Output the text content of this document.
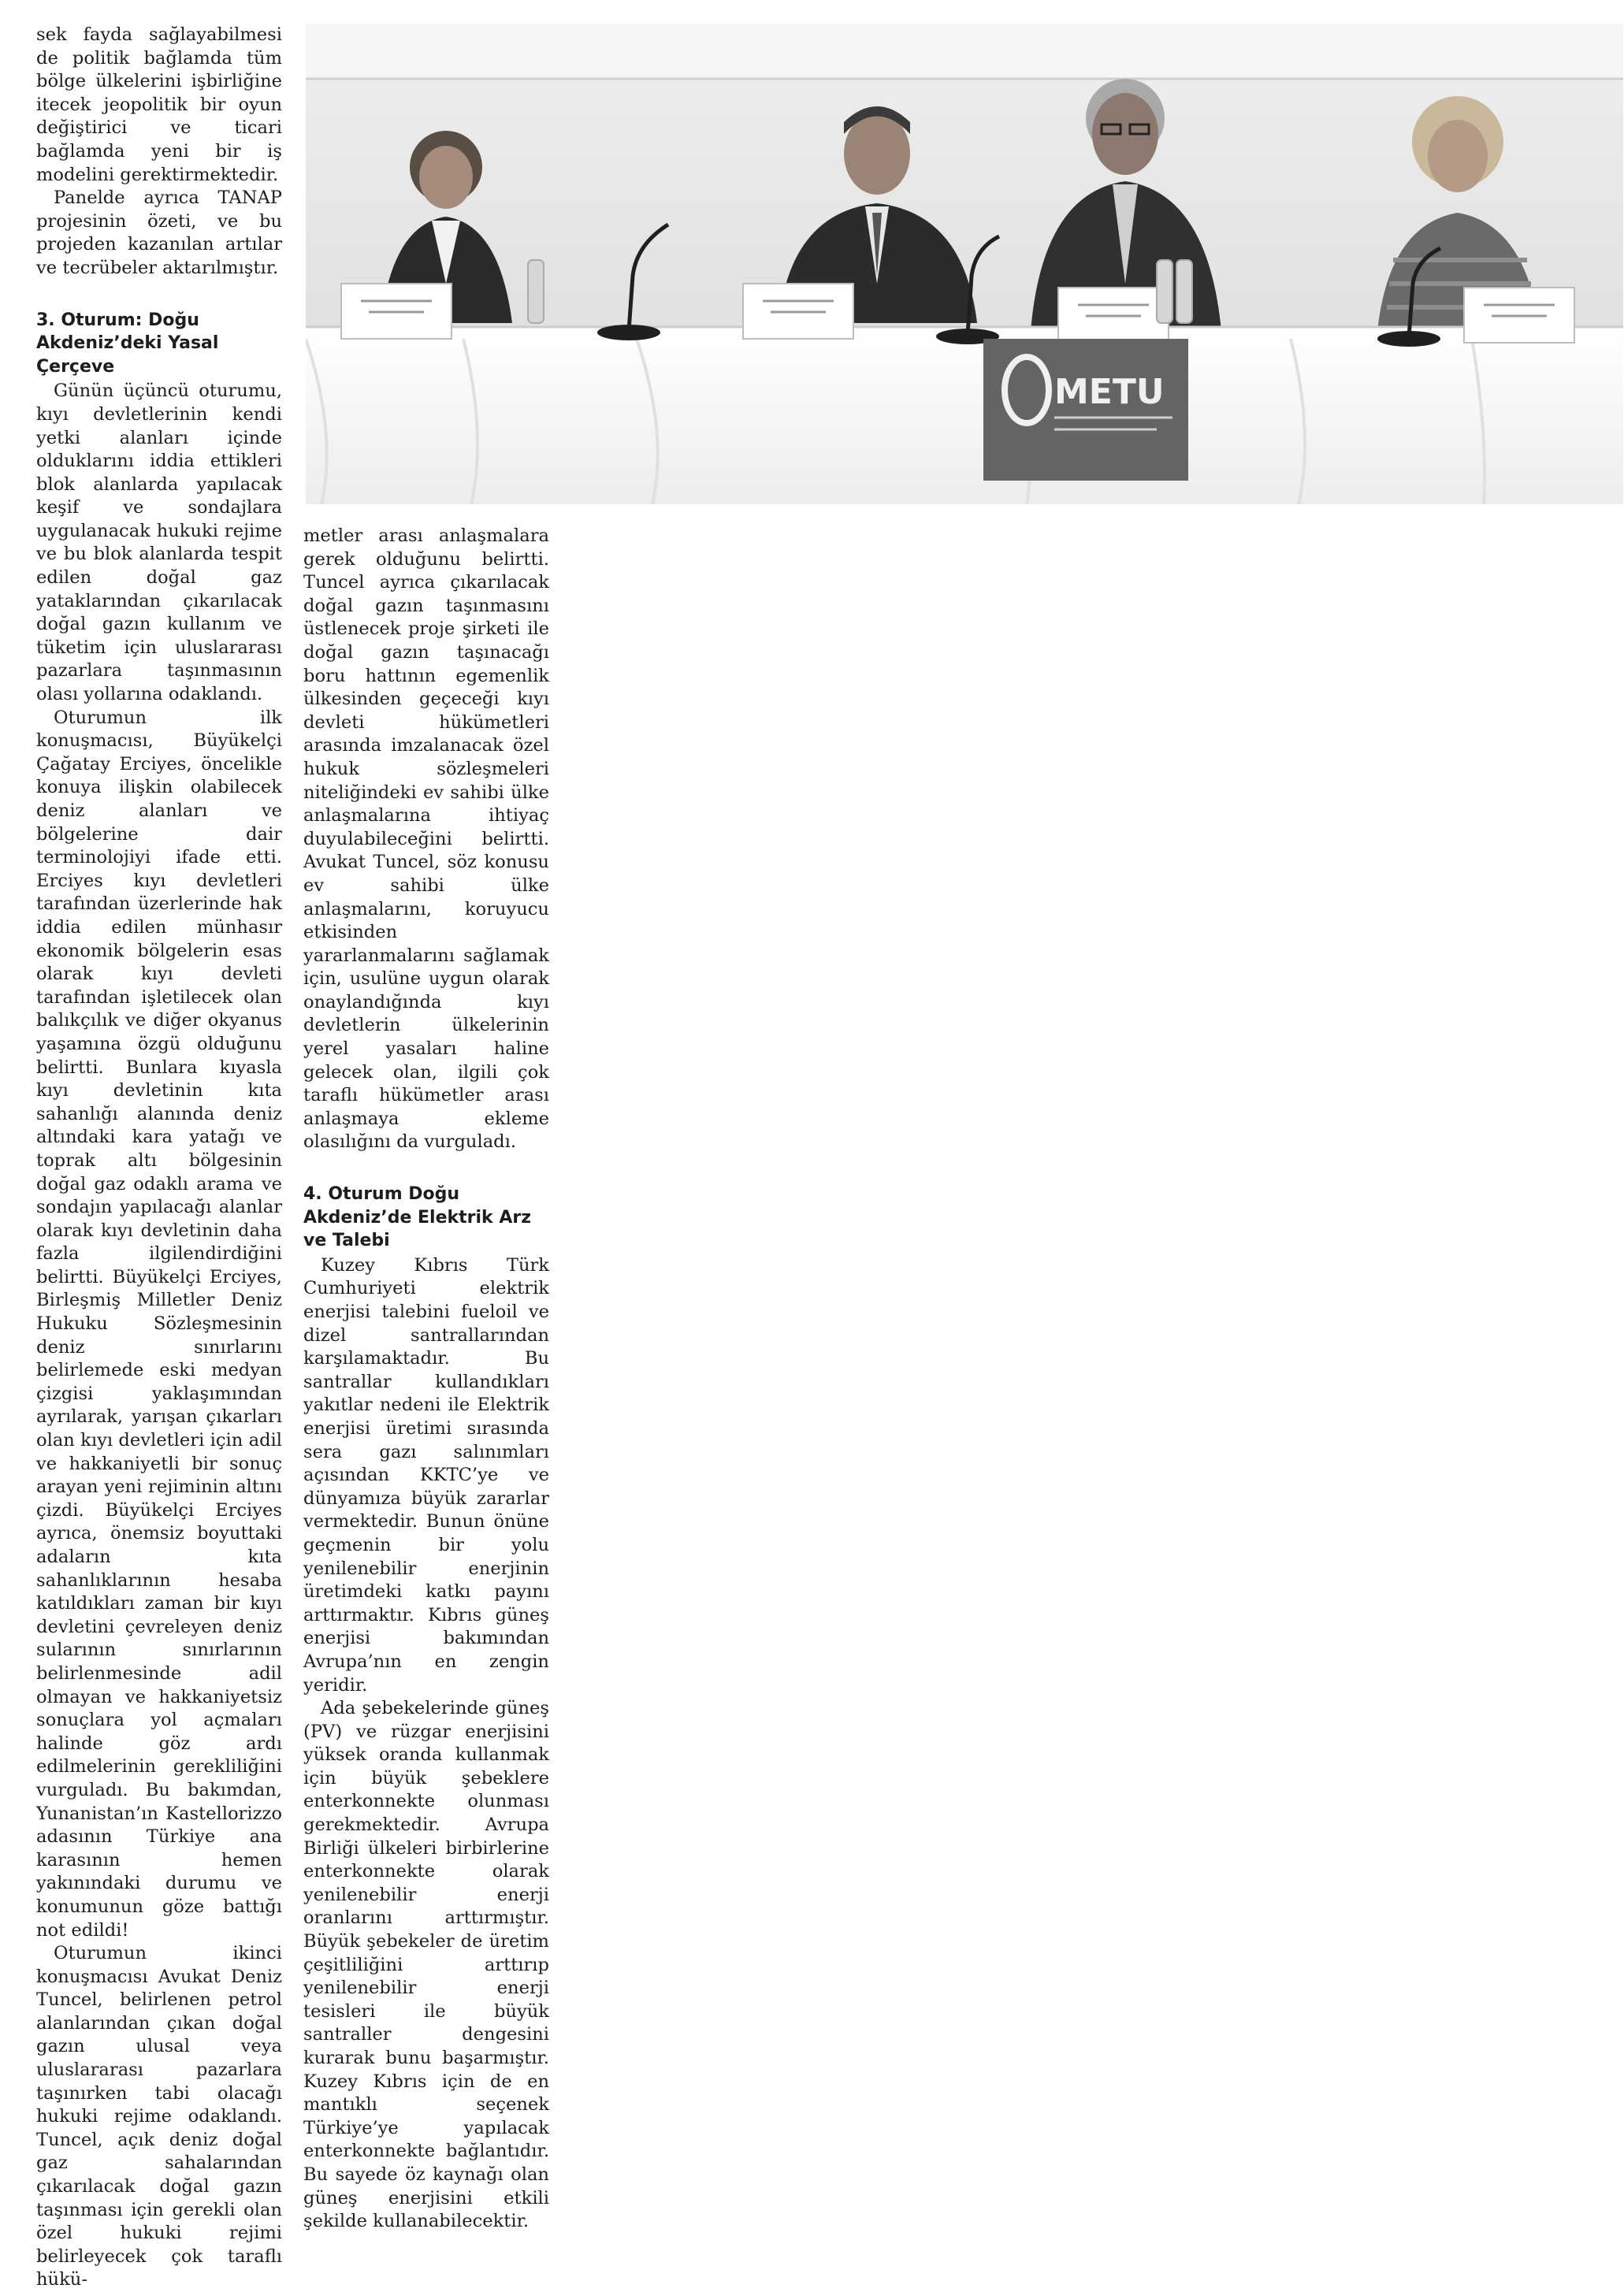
sek fayda sağlayabilmesi de politik bağlamda tüm bölge ülkelerini işbirliğine itecek jeopolitik bir oyun değiştirici ve ticari bağlamda yeni bir iş modelini gerektirmektedir.

Panelde ayrıca TANAP projesinin özeti, ve bu projeden kazanılan artılar ve tecrübeler aktarılmıştır.

3. Oturum: Doğu Akdeniz’deki Yasal Çerçeve

Günün üçüncü oturumu, kıyı devletlerinin kendi yetki alanları içinde olduklarını iddia ettikleri blok alanlarda yapılacak keşif ve sondajlara uygulanacak hukuki rejime ve bu blok alanlarda tespit edilen doğal gaz yataklarından çıkarılacak doğal gazın kullanım ve tüketim için uluslararası pazarlara taşınmasının olası yollarına odaklandı.

Oturumun ilk konuşmacısı, Büyükelçi Çağatay Erciyes, öncelikle konuya ilişkin olabilecek deniz alanları ve bölgelerine dair terminolojiyi ifade etti. Erciyes kıyı devletleri tarafından üzerlerinde hak iddia edilen münhasır ekonomik bölgelerin esas olarak kıyı devleti tarafından işletilecek olan balıkçılık ve diğer okyanus yaşamına özgü olduğunu belirtti. Bunlara kıyasla kıyı devletinin kıta sahanlığı alanında deniz altındaki kara yatağı ve toprak altı bölgesinin doğal gaz odaklı arama ve sondajın yapılacağı alanlar olarak kıyı devletinin daha fazla ilgilendirdiğini belirtti. Büyükelçi Erciyes, Birleşmiş Milletler Deniz Hukuku Sözleşmesinin deniz sınırlarını belirlemede eski medyan çizgisi yaklaşımından ayrılarak, yarışan çıkarları olan kıyı devletleri için adil ve hakkaniyetli bir sonuç arayan yeni rejiminin altını çizdi. Büyükelçi Erciyes ayrıca, önemsiz boyuttaki adaların kıta sahanlıklarının hesaba katıldıkları zaman bir kıyı devletini çevreleyen deniz sularının sınırlarının belirlenmesinde adil olmayan ve hakkaniyetsiz sonuçlara yol açmaları halinde göz ardı edilmelerinin gerekliliğini vurguladı. Bu bakımdan, Yunanistan’ın Kastellorizzo adasının Türkiye ana karasının hemen yakınındaki durumu ve konumunun göze battığı not edildi!

Oturumun ikinci konuşmacısı Avukat Deniz Tuncel, belirlenen petrol alanlarından çıkan doğal gazın ulusal veya uluslararası pazarlara taşınırken tabi olacağı hukuki rejime odaklandı. Tuncel, açık deniz doğal gaz sahalarından çıkarılacak doğal gazın taşınması için gerekli olan özel hukuki rejimi belirleyecek çok taraflı hükü-

METU

metler arası anlaşmalara gerek olduğunu belirtti. Tuncel ayrıca çıkarılacak doğal gazın taşınmasını üstlenecek proje şirketi ile doğal gazın taşınacağı boru hattının egemenlik ülkesinden geçeceği kıyı devleti hükümetleri arasında imzalanacak özel hukuk sözleşmeleri niteliğindeki ev sahibi ülke anlaşmalarına ihtiyaç duyulabileceğini belirtti. Avukat Tuncel, söz konusu ev sahibi ülke anlaşmalarını, koruyucu etkisinden yararlanmalarını sağlamak için, usulüne uygun olarak onaylandığında kıyı devletlerin ülkelerinin yerel yasaları haline gelecek olan, ilgili çok taraflı hükümetler arası anlaşmaya ekleme olasılığını da vurguladı.

4. Oturum Doğu Akdeniz’de Elektrik Arz ve Talebi

Kuzey Kıbrıs Türk Cumhuriyeti elektrik enerjisi talebini fueloil ve dizel santrallarından karşılamaktadır. Bu santrallar kullandıkları yakıtlar nedeni ile Elektrik enerjisi üretimi sırasında sera gazı salınımları açısından KKTC’ye ve dünyamıza büyük zararlar vermektedir. Bunun önüne geçmenin bir yolu yenilenebilir enerjinin üretimdeki katkı payını arttırmaktır. Kıbrıs güneş enerjisi bakımından Avrupa’nın en zengin yeridir.

Ada şebekelerinde güneş (PV) ve rüzgar enerjisini yüksek oranda kullanmak için büyük şebeklere enterkonnekte olunması gerekmektedir. Avrupa Birliği ülkeleri birbirlerine enterkonnekte olarak yenilenebilir enerji oranlarını arttırmıştır. Büyük şebekeler de üretim çeşitliliğini arttırıp yenilenebilir enerji tesisleri ile büyük santraller dengesini kurarak bunu başarmıştır. Kuzey Kıbrıs için de en mantıklı seçenek Türkiye’ye yapılacak enterkonnekte bağlantıdır. Bu sayede öz kaynağı olan güneş enerjisini etkili şekilde kullanabilecektir.
